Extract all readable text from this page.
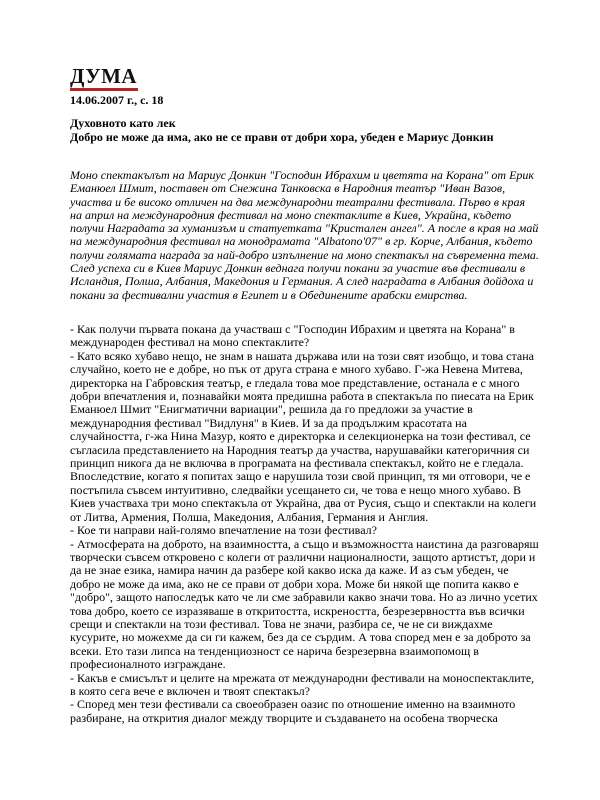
ДУМА
14.06.2007 г., с. 18
Духовното като лек
Добро не може да има, ако не се прави от добри хора, убеден е Мариус Донкин

Моно спектакълът на Мариус Донкин "Господин Ибрахим и цветята на Корана" от Ерик Еманюел Шмит, поставен от Снежина Танковска в Народния театър "Иван Вазов, участва и бе високо отличен на два международни театрални фестивала. Първо в края на април на международния фестивал на моно спектаклите в Киев, Украйна, където получи Наградата за хуманизъм и статуетката "Кристален ангел". А после в края на май на международния фестивал на монодрамата "Albatono'07" в гр. Корче, Албания, където получи голямата награда за най-добро изпълнение на моно спектакъл на съвременна тема. След успеха си в Киев Мариус Донкин веднага получи покани за участие във фестивали в Исландия, Полша, Албания, Македония и Германия. А след наградата в Албания дойдоха и покани за фестивални участия в Египет и в Обединените арабски емирства.

- Как получи първата покана да участваш с "Господин Ибрахим и цветята на Корана" в международен фестивал на моно спектаклите?

- Като всяко хубаво нещо, не знам в нашата държава или на този свят изобщо, и това стана случайно, което не е добре, но пък от друга страна е много хубаво. Г-жа Невена Митева, директорка на Габровския театър, е гледала това мое представление, останала е с много добри впечатления и, познавайки моята предишна работа в спектакъла по пиесата на Ерик Еманюел Шмит "Енигматични вариации", решила да го предложи за участие в международния фестивал "Видлуня" в Киев. И за да продължим красотата на случайността, г-жа Нина Мазур, която е директорка и селекционерка на този фестивал, се съгласила представлението на Народния театър да участва, нарушавайки категоричния си принцип никога да не включва в програмата на фестивала спектакъл, който не е гледала. Впоследствие, когато я попитах защо е нарушила този свой принцип, тя ми отговори, че е постъпила съвсем интуитивно, следвайки усещането си, че това е нещо много хубаво. В Киев участваха три моно спектакъла от Украйна, два от Русия, също и спектакли на колеги от Литва, Армения, Полша, Македония, Албания, Германия и Англия.

- Кое ти направи най-голямо впечатление на този фестивал?

- Атмосферата на доброто, на взаимността, а също и възможността наистина да разговаряш творчески съвсем откровено с колеги от различни националности, защото артистът, дори и да не знае езика, намира начин да разбере кой какво иска да каже. И аз съм убеден, че добро не може да има, ако не се прави от добри хора. Може би някой ще попита какво е "добро", защото напоследък като че ли сме забравили какво значи това. Но аз лично усетих това добро, което се изразяваше в откритостта, искреността, безрезервността във всички срещи и спектакли на този фестивал. Това не значи, разбира се, че не си виждахме кусурите, но можехме да си ги кажем, без да се сърдим. А това според мен е за доброто за всеки. Ето тази липса на тенденциозност се нарича безрезервна взаимопомощ в професионалното изграждане.

- Какъв е смисълът и целите на мрежата от международни фестивали на моноспектаклите, в която сега вече е включен и твоят спектакъл?

- Според мен тези фестивали са своеобразен оазис по отношение именно на взаимното разбиране, на открития диалог между творците и създаването на особена творческа
